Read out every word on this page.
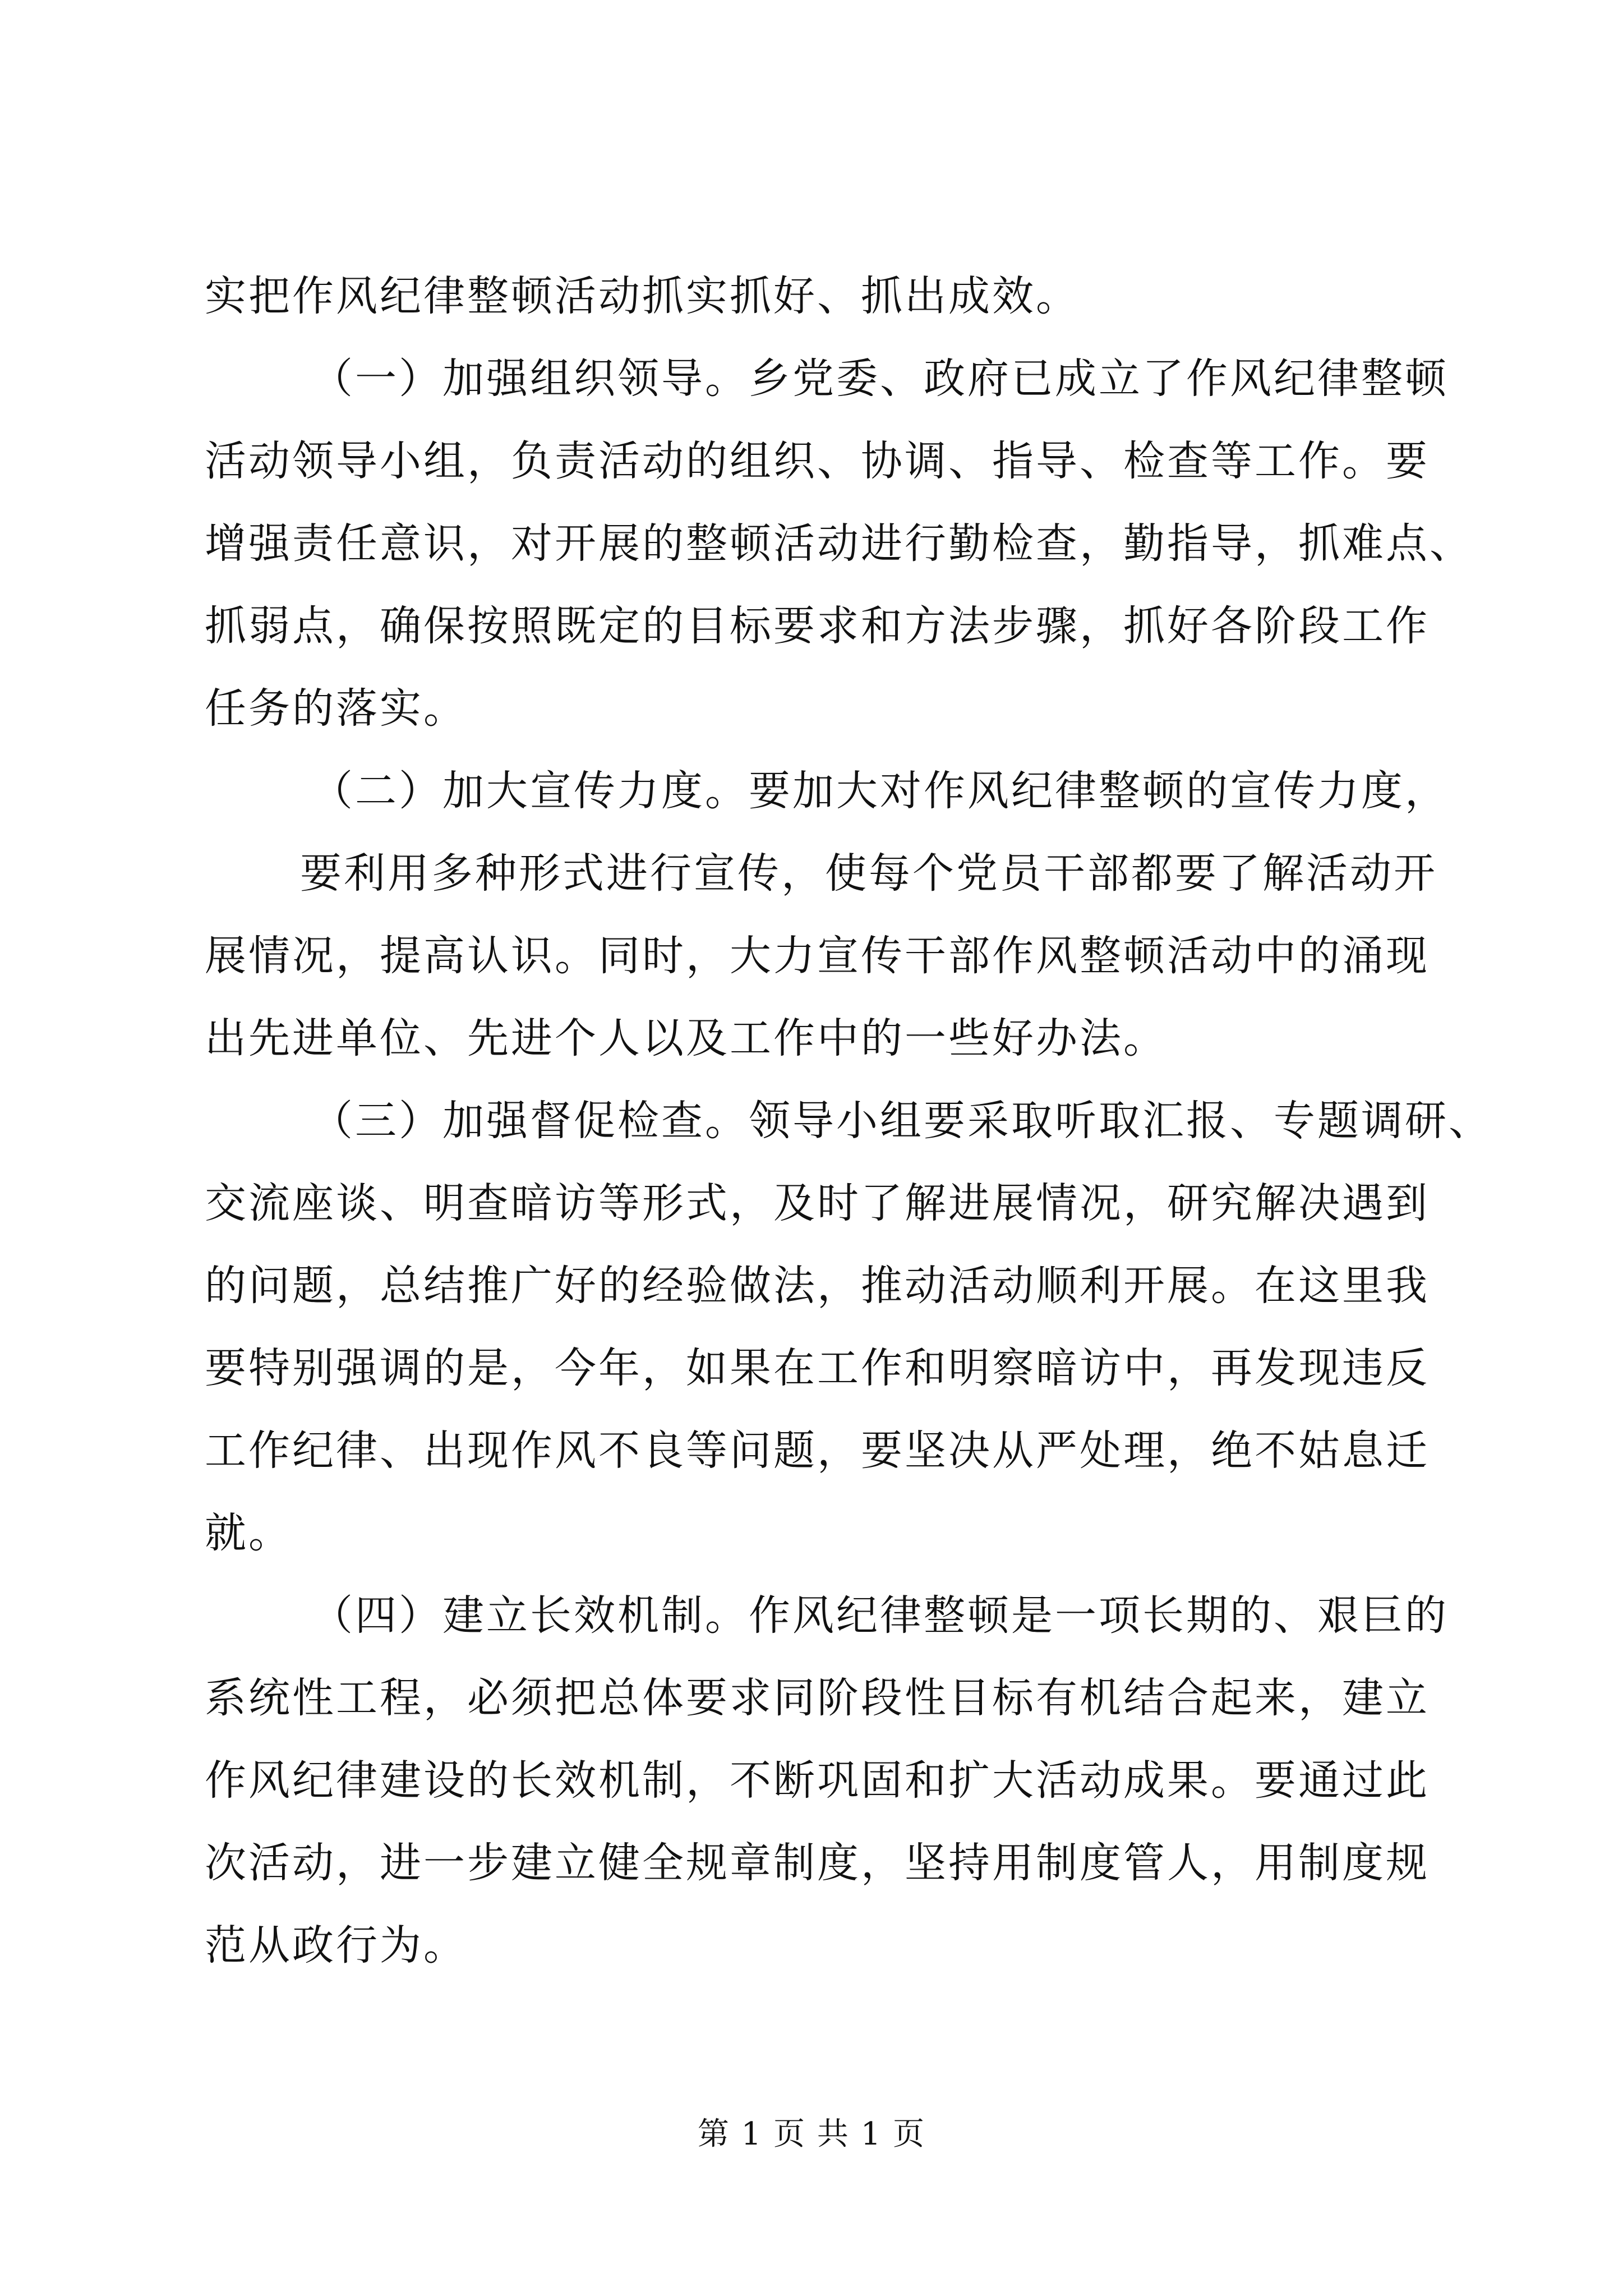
实把作风纪律整顿活动抓实抓好、抓出成效。
（一）加强组织领导。乡党委、政府已成立了作风纪律整顿
活动领导小组，负责活动的组织、协调、指导、检查等工作。要
增强责任意识，对开展的整顿活动进行勤检查，勤指导，抓难点、
抓弱点，确保按照既定的目标要求和方法步骤，抓好各阶段工作
任务的落实。
（二）加大宣传力度。要加大对作风纪律整顿的宣传力度，
要利用多种形式进行宣传，使每个党员干部都要了解活动开
展情况，提高认识。同时，大力宣传干部作风整顿活动中的涌现
出先进单位、先进个人以及工作中的一些好办法。
（三）加强督促检查。领导小组要采取听取汇报、专题调研、
交流座谈、明查暗访等形式，及时了解进展情况，研究解决遇到
的问题，总结推广好的经验做法，推动活动顺利开展。在这里我
要特别强调的是，今年，如果在工作和明察暗访中，再发现违反
工作纪律、出现作风不良等问题，要坚决从严处理，绝不姑息迁
就。
（四）建立长效机制。作风纪律整顿是一项长期的、艰巨的
系统性工程，必须把总体要求同阶段性目标有机结合起来，建立
作风纪律建设的长效机制，不断巩固和扩大活动成果。要通过此
次活动，进一步建立健全规章制度，坚持用制度管人，用制度规
范从政行为。
第 1 页 共 1 页
